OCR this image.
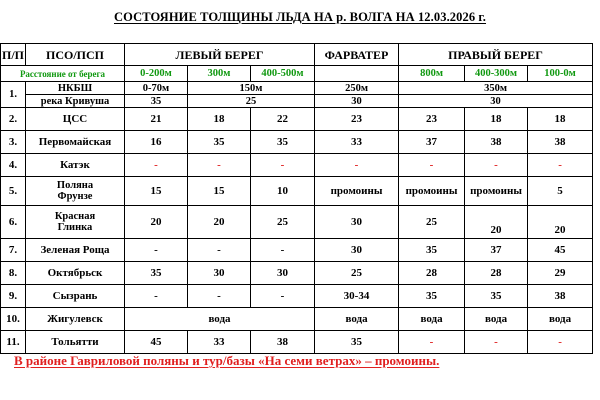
СОСТОЯНИЕ ТОЛЩИНЫ ЛЬДА НА р. ВОЛГА НА 12.03.2026 г.
П/П	ПСО/ПСП	ЛЕВЫЙ БЕРЕГ			ФАРВАТЕР	ПРАВЫЙ БЕРЕГ		
Расстояние от берега		0-200м	300м	400-500м		800м	400-300м	100-0м
1.	НКБШ	0-70м	150м		250м	350м		
	река Кривуша	35	25		30	30		
2.	ЦСС	21	18	22	23	23	18	18
3.	Первомайская	16	35	35	33	37	38	38
4.	Катэк	-	-	-	-	-	-	-
5.	Поляна
Фрунзе	15	15	10	промоины	промоины	промоины	5
6.	Красная
Глинка	20	20	25	30	25	20	20
7.	Зеленая Роща	-	-	-	30	35	37	45
8.	Октябрьск	35	30	30	25	28	28	29
9.	Сызрань	-	-	-	30-34	35	35	38
10.	Жигулевск	вода			вода	вода	вода	вода
11.	Тольятти	45	33	38	35	-	-	-
В районе Гавриловой поляны и тур/базы «На семи ветрах» – промоины.
